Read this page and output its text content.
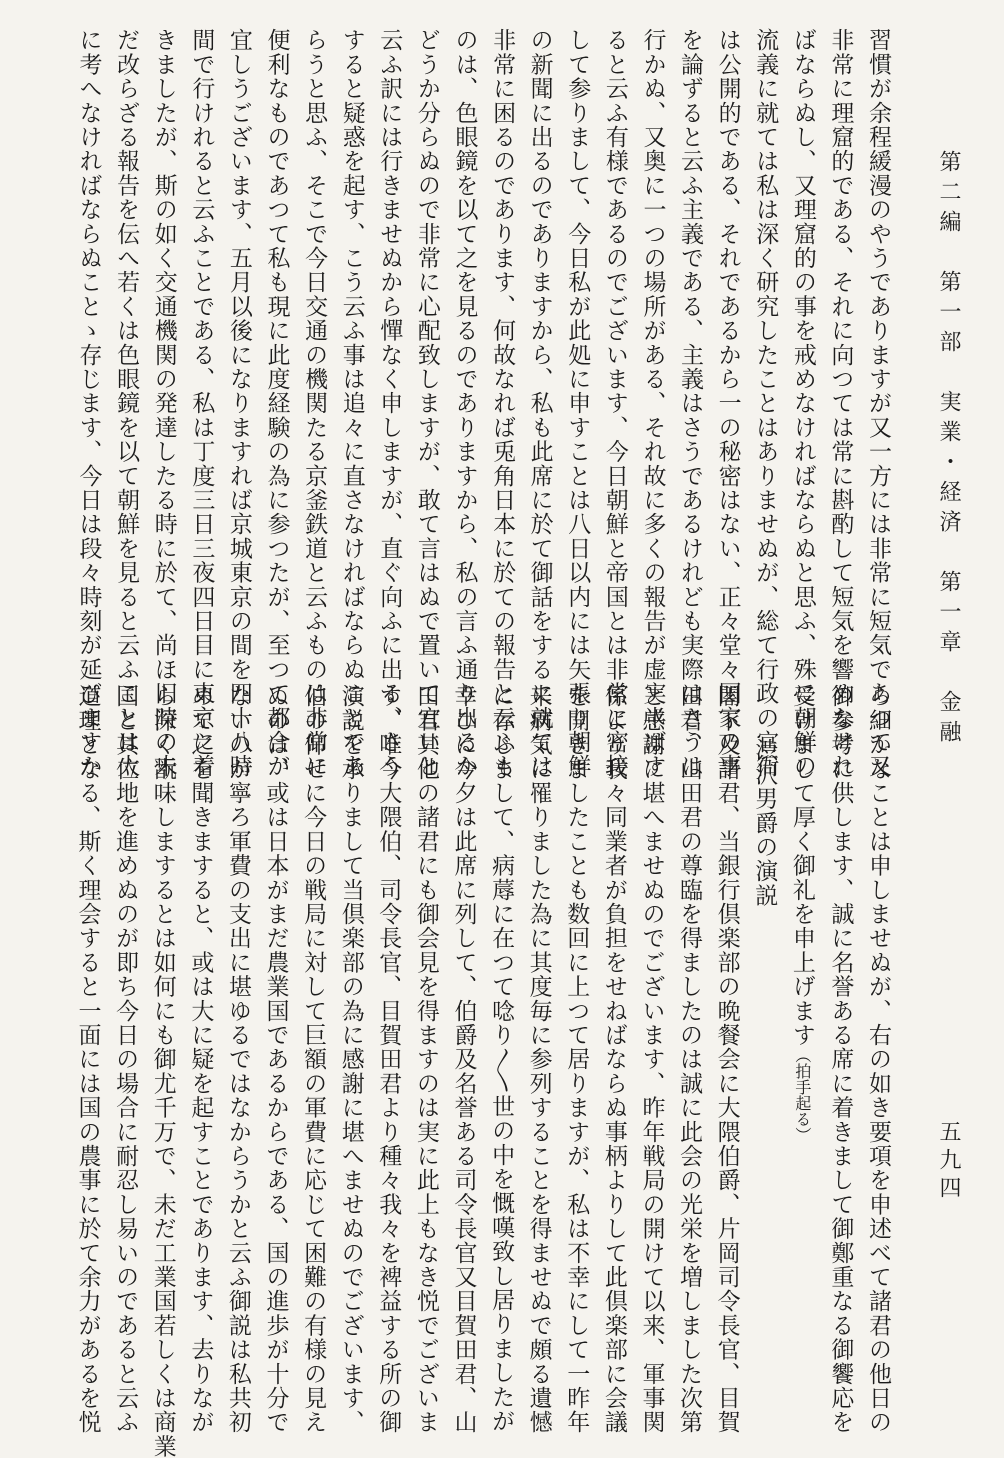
第二編　第一部　実業・経済　第一章　金融
五九四
習慣が余程緩漫のやうでありますが又一方には非常に短気であつて又
非常に理窟的である、それに向つては常に斟酌して短気を響めなけれ
ばならぬし、又理窟的の事を戒めなければならぬと思ふ、殊に朝鮮の
流義に就ては私は深く研究したことはありませぬが、総て行政の官衙
は公開的である、それであるから一の秘密はない、正々堂々国家の事
を論ずると云ふ主義である、主義はさうであるけれども実際はさうは
行かぬ、又奥に一つの場所がある、それ故に多くの報告が虚実半ばす
ると云ふ有様であるのでございます、今日朝鮮と帝国とは非常に密接
して参りまして、今日私が此処に申すことは八日以内には矢張り朝鮮
の新聞に出るのでありますから、私も此席に於て御話をするに就ては
非常に困るのであります、何故なれば兎角日本に於ての報告と云ふも
のは、色眼鏡を以て之を見るのでありますから、私の言ふ通り出るか
どうか分らぬので非常に心配致しますが、敢て言はぬで置いて宜いと
云ふ訳には行きませぬから憚なく申しますが、直ぐ向ふに出る、さう
すると疑惑を起す、こう云ふ事は追々に直さなければならぬことであ
らうと思ふ、そこで今日交通の機関たる京釜鉄道と云ふものは非常に
便利なものであつて私も現に此度経験の為に参つたが、至つて都合が
宜しうございます、五月以後になりますれば京城東京の間を四十八時
間で行けれると云ふことである、私は丁度三日三夜四日目に東京に着
きましたが、斯の如く交通機関の発達したる時に於て、尚ほ旧時の未
だ改らざる報告を伝へ若くは色眼鏡を以て朝鮮を見ると云ふことは大
に考へなければならぬことゝ存じます、今日は段々時刻が延びますか
ら細かなことは申しませぬが、右の如き要項を申述べて諸君の他日の
御参考に供します、誠に名誉ある席に着きまして御鄭重なる御饗応を
受けまして厚く御礼を申上げます（拍手起る）
渋沢男爵の演説
閣下及諸君、当銀行倶楽部の晩餐会に大隈伯爵、片岡司令長官、目賀
田君、山田君の尊臨を得ましたのは誠に此会の光栄を増しました次第
と感謝に堪へませぬのでございます、昨年戦局の開けて以来、軍事関
係より我々同業者が負担をせねばならぬ事柄よりして此倶楽部に会議
を開きましたことも数回に上つて居りますが、私は不幸にして一昨年
来病気に罹りました為に其度毎に参列することを得ませぬで頗る遺憾
に存じまして、病蓐に在つて唸り〱世の中を慨嘆致し居りましたが
幸ひに今夕は此席に列して、伯爵及名誉ある司令長官又目賀田君、山
田君其他の諸君にも御会見を得ますのは実に此上もなき悦でございま
す、唯今大隈伯、司令長官、目賀田君より種々我々を裨益する所の御
演説を承りまして当倶楽部の為に感謝に堪へませぬのでございます、
伯の仰せに今日の戦局に対して巨額の軍費に応じて困難の有様の見え
ぬのは、或は日本がまだ農業国であるからである、国の進歩が十分で
ないのが寧ろ軍費の支出に堪ゆるではなからうかと云ふ御説は私共初
めて之を聞きますると、或は大に疑を起すことであります、去りなが
ら深く翫味しまするとは如何にも御尤千万で、未だ工業国若しくは商業
国と其位地を進めぬのが即ち今日の場合に耐忍し易いのであると云ふ
道理となる、斯く理会すると一面には国の農事に於て余力があるを悦
